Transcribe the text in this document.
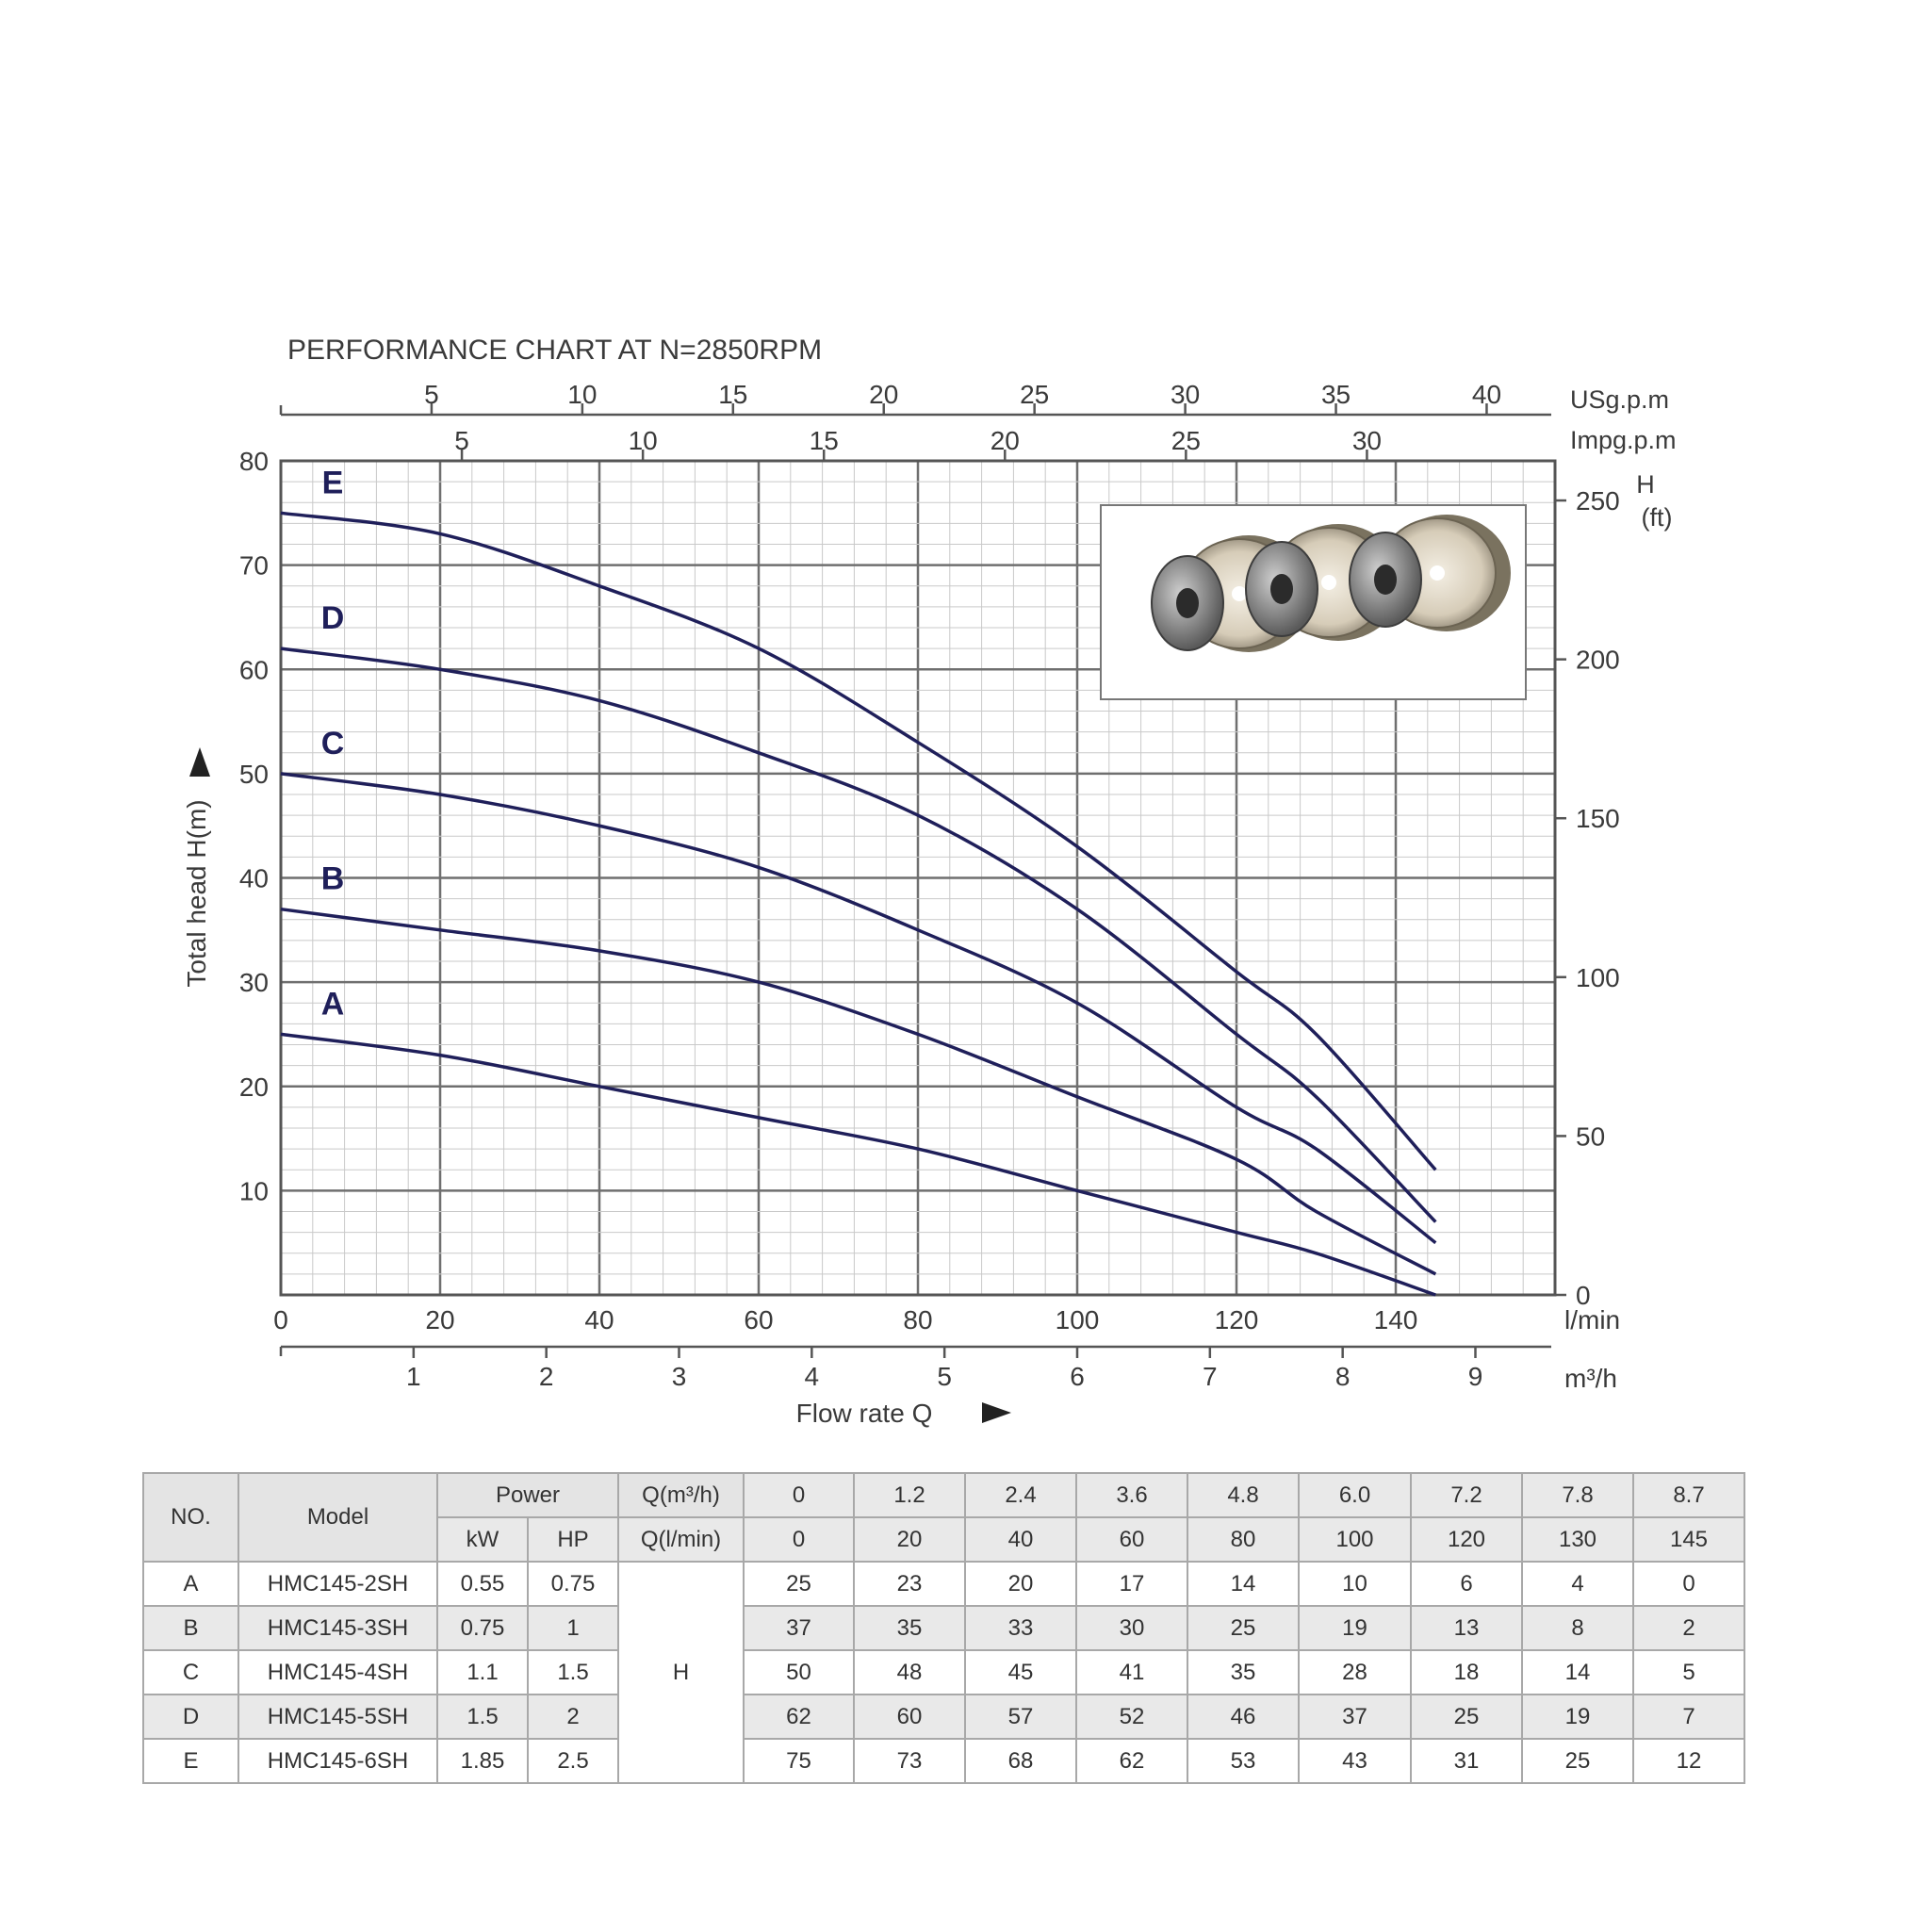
PERFORMANCE CHART AT N=2850RPM
A
B
C
D
E
0	20	40	60	80	100	120	140
10
20
30
40
50
60
70
80
0
50
100
150
200
250
5	10	15	20	25	30	35	40
5	10	15	20	25	30
1	2	3	4	5	6	7	8	9
Total head H(m)
Flow rate Q
USg.p.m
Impg.p.m
H
(ft)
l/min
m³/h
NO.	Model	Power		Q(m³/h)	0	1.2	2.4	3.6	4.8	6.0	7.2	7.8	8.7
		kW	HP	Q(l/min)	0	20	40	60	80	100	120	130	145
A	HMC145-2SH	0.55	0.75	H	25	23	20	17	14	10	6	4	0
B	HMC145-3SH	0.75	1		37	35	33	30	25	19	13	8	2
C	HMC145-4SH	1.1	1.5		50	48	45	41	35	28	18	14	5
D	HMC145-5SH	1.5	2		62	60	57	52	46	37	25	19	7
E	HMC145-6SH	1.85	2.5		75	73	68	62	53	43	31	25	12
